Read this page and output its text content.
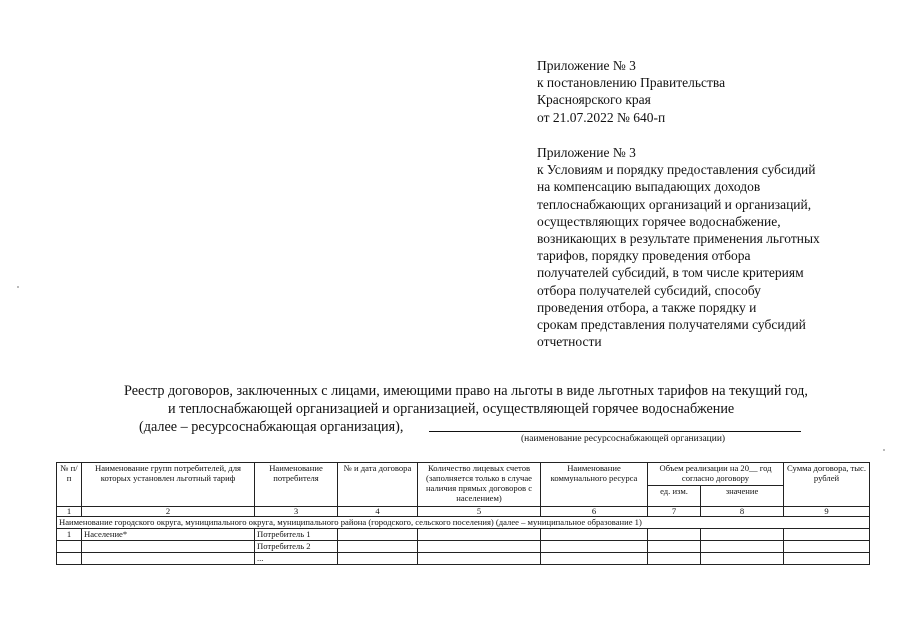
Приложение № 3
к постановлению Правительства
Красноярского края
от 21.07.2022 № 640-п
Приложение № 3
к Условиям и порядку предоставления субсидий
на компенсацию выпадающих доходов
теплоснабжающих организаций и организаций,
осуществляющих горячее водоснабжение,
возникающих в результате применения льготных
тарифов, порядку проведения отбора
получателей субсидий, в том числе критериям
отбора получателей субсидий, способу
проведения отбора, а также порядку и
срокам представления получателями субсидий
отчетности
Реестр договоров, заключенных с лицами, имеющими право на льготы в виде льготных тарифов на текущий год,
и теплоснабжающей организацией и организацией, осуществляющей горячее водоснабжение
(далее – ресурсоснабжающая организация),
(наименование ресурсоснабжающей организации)
№ п/п	Наименование групп потребителей, для которых установлен льготный тариф	Наименование потребителя	№ и дата договора	Количество лицевых счетов (заполняется только в случае наличия прямых договоров с населением)	Наименование коммунального ресурса	Объем реализации на 20__ год согласно договору		Сумма договора, тыс. рублей
						ед. изм.	значение	
1	2	3	4	5	6	7	8	9
Наименование городского округа, муниципального округа, муниципального района (городского, сельского поселения) (далее – муниципальное образование 1)								
1	Население*	Потребитель 1						
		Потребитель 2						
		...						
